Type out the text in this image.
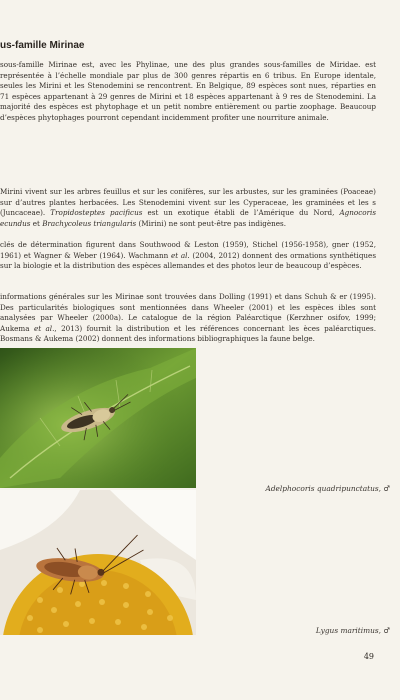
us-famille Mirinae

sous-famille Mirinae est, avec les Phylinae, une des plus grandes sous-familles de Miridae. est représentée à l’échelle mondiale par plus de 300 genres répartis en 6 tribus. En Europe identale, seules les Mirini et les Stenodemini se rencontrent. En Belgique, 89 espèces sont nues, réparties en 71 espèces appartenant à 29 genres de Mirini et 18 espèces appartenant à 9 res de Stenodemini. La majorité des espèces est phytophage et un petit nombre entièrement ou partie zoophage. Beaucoup d’espèces phytophages pourront cependant incidemment profiter une nourriture animale.

Mirini vivent sur les arbres feuillus et sur les conifères, sur les arbustes, sur les graminées (Poaceae) sur d’autres plantes herbacées. Les Stenodemini vivent sur les Cyperaceae, les graminées et les s (Juncaceae). Tropidosteptes pacificus est un exotique établi de l’Amérique du Nord, Agnocoris ecundus et Brachycoleus triangularis (Mirini) ne sont peut-être pas indigènes.

clés de détermination figurent dans Southwood & Leston (1959), Stichel (1956-1958), gner (1952, 1961) et Wagner & Weber (1964). Wachmann et al. (2004, 2012) donnent des ormations synthétiques sur la biologie et la distribution des espèces allemandes et des photos leur de beaucoup d’espèces.

informations générales sur les Mirinae sont trouvées dans Dolling (1991) et dans Schuh & er (1995). Des particularités biologiques sont mentionnées dans Wheeler (2001) et les espèces ibles sont analysées par Wheeler (2000a). Le catalogue de la région Paléarctique (Kerzhner osifov, 1999; Aukema et al., 2013) fournit la distribution et les références concernant les èces paléarctiques. Bosmans & Aukema (2002) donnent des informations bibliographiques la faune belge.

Adelphocoris quadripunctatus, ♂

Lygus maritimus, ♂

49
